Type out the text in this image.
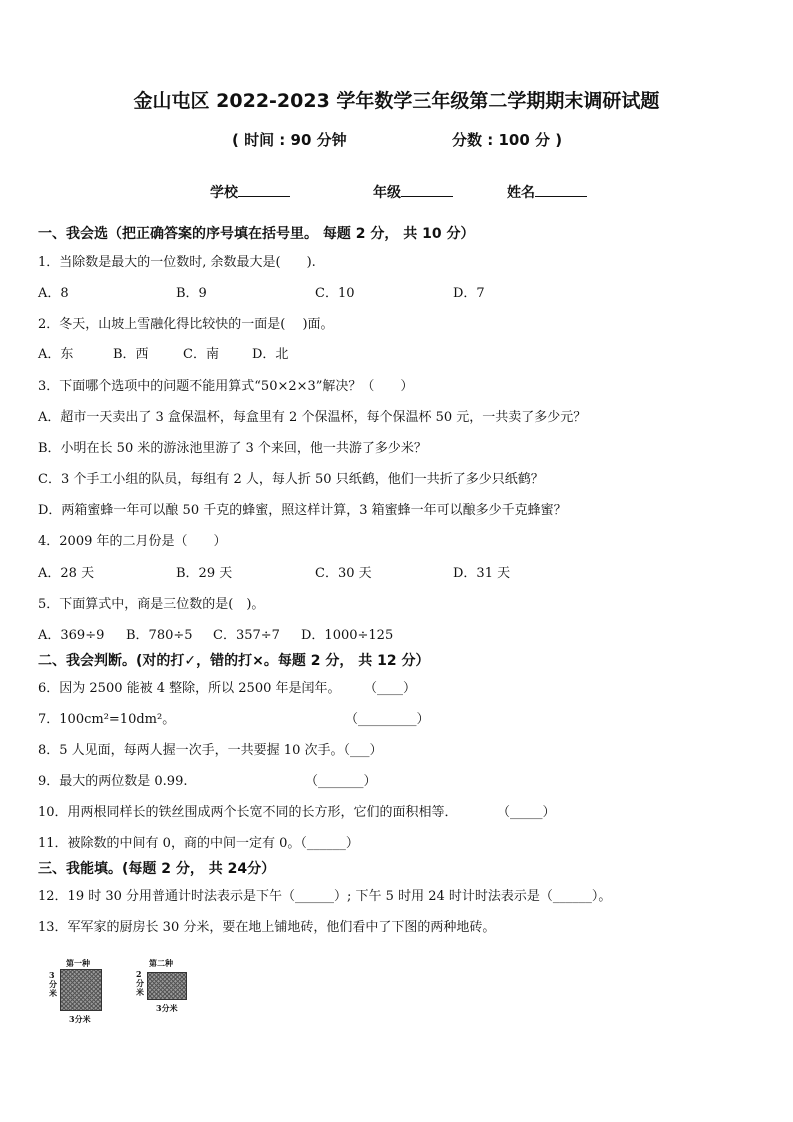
金山屯区 2022-2023 学年数学三年级第二学期期末调研试题
( 时间 : 90 分钟	分数 : 100 分 )
学校	年级	姓名
一、我会选（把正确答案的序号填在括号里。 每题 2 分， 共 10 分）
1．当除数是最大的一位数时, 余数最大是(　　).
A．8	B．9	C．10	D．7
2．冬天，山坡上雪融化得比较快的一面是(　 )面。
A．东	B．西	C．南	D．北
3．下面哪个选项中的问题不能用算式“50×2×3”解决？（　　）
A．超市一天卖出了 3 盒保温杯，每盒里有 2 个保温杯，每个保温杯 50 元，一共卖了多少元？
B．小明在长 50 米的游泳池里游了 3 个来回，他一共游了多少米？
C．3 个手工小组的队员，每组有 2 人，每人折 50 只纸鹤，他们一共折了多少只纸鹤？
D．两箱蜜蜂一年可以酿 50 千克的蜂蜜，照这样计算，3 箱蜜蜂一年可以酿多少千克蜂蜜？
4．2009 年的二月份是（　　）
A．28 天	B．29 天	C．30 天	D．31 天
5．下面算式中，商是三位数的是(　)。
A．369÷9 B．780÷5 C．357÷7 D．1000÷125
二、我会判断。(对的打✓，错的打×。每题 2 分， 共 12 分）
6．因为 2500 能被 4 整除，所以 2500 年是闰年。 （____）
7．100cm²=10dm²。	（_________）
8．5 人见面，每两人握一次手，一共要握 10 次手。（___）
9．最大的两位数是 0.99.	（_______）
10．用两根同样长的铁丝围成两个长宽不同的长方形，它们的面积相等．	（_____）
11．被除数的中间有 0，商的中间一定有 0。（______）
三、我能填。(每题 2 分， 共 24分）
12．19 时 30 分用普通计时法表示是下午（______）; 下午 5 时用 24 时计时法表示是（______）。
13．军军家的厨房长 30 分米，要在地上铺地砖，他们看中了下图的两种地砖。
第一种
3分米
3分米
第二种
2分米
3分米
